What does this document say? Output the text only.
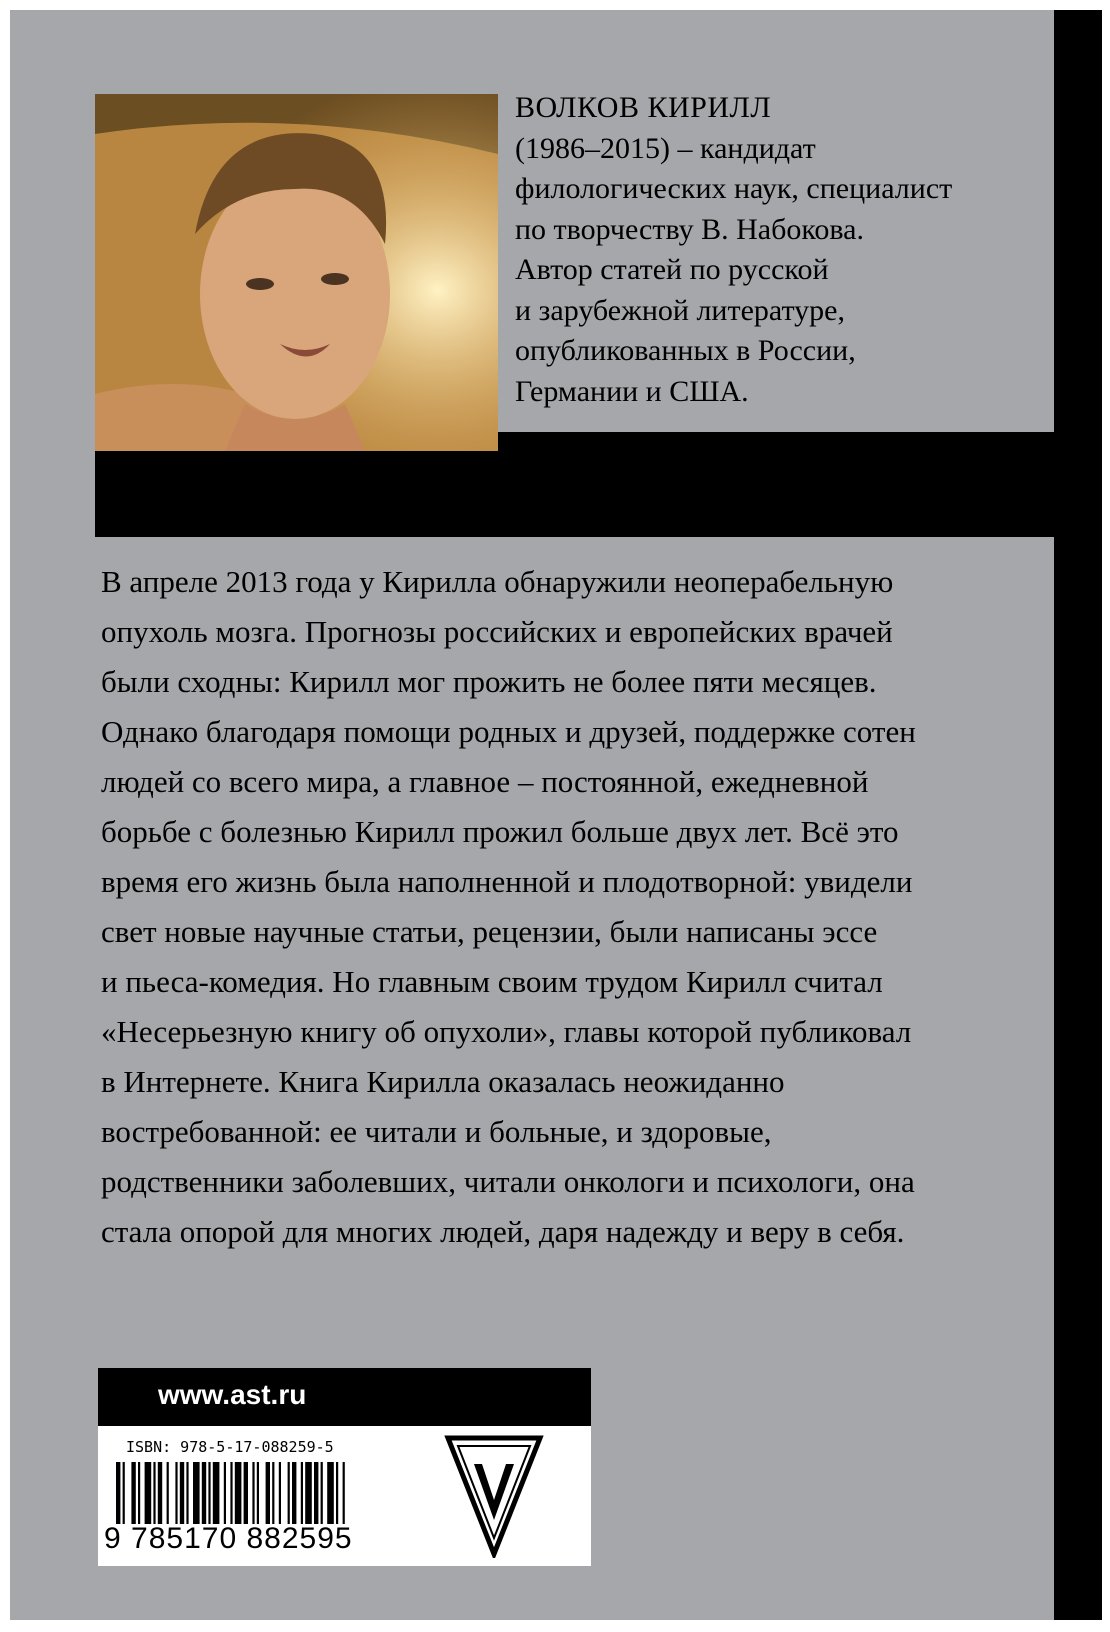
ВОЛКОВ КИРИЛЛ
(1986–2015) – кандидат
филологических наук, специалист
по творчеству В. Набокова.
Автор статей по русской
и зарубежной литературе,
опубликованных в России,
Германии и США.

В апреле 2013 года у Кирилла обнаружили неоперабельную

опухоль мозга. Прогнозы российских и европейских врачей

были сходны: Кирилл мог прожить не более пяти месяцев.

Однако благодаря помощи родных и друзей, поддержке сотен

людей со всего мира, а главное – постоянной, ежедневной

борьбе с болезнью Кирилл прожил больше двух лет. Всё это

время его жизнь была наполненной и плодотворной: увидели

свет новые научные статьи, рецензии, были написаны эссе

и пьеса-комедия. Но главным своим трудом Кирилл считал

«Несерьезную книгу об опухоли», главы которой публиковал

в Интернете. Книга Кирилла оказалась неожиданно

востребованной: ее читали и больные, и здоровые,

родственники заболевших, читали онкологи и психологи, она

стала опорой для многих людей, даря надежду и веру в себя.

www.ast.ru
ISBN: 978-5-17-088259-5
9 785170 882595
